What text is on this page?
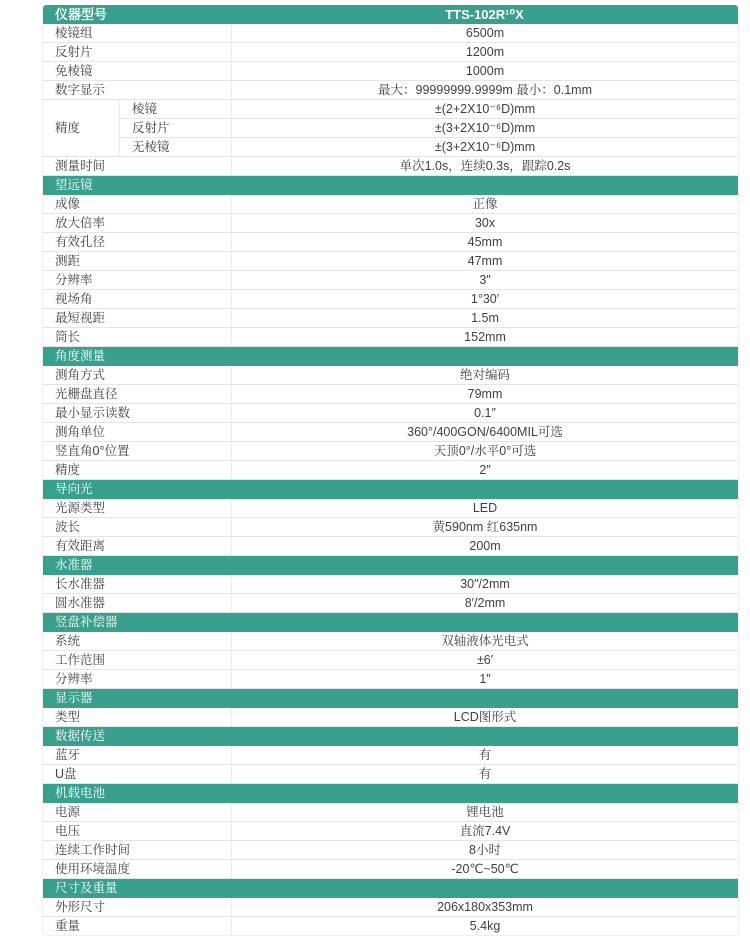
仪器型号		TTS-102R¹⁰X
棱镜组		6500m
反射片		1200m
免棱镜		1000m
数字显示		最大：99999999.9999m 最小：0.1mm
精度	棱镜	±(2+2X10⁻⁶D)mm
	反射片	±(3+2X10⁻⁶D)mm
	无棱镜	±(3+2X10⁻⁶D)mm
测量时间		单次1.0s，连续0.3s，跟踪0.2s
望远镜		
成像		正像
放大倍率		30x
有效孔径		45mm
测距		47mm
分辨率		3″
视场角		1°30′
最短视距		1.5m
筒长		152mm
角度测量		
测角方式		绝对编码
光栅盘直径		79mm
最小显示读数		0.1″
测角单位		360°/400GON/6400MIL可选
竖直角0°位置		天顶0°/水平0°可选
精度		2″
导向光		
光源类型		LED
波长		黄590nm 红635nm
有效距离		200m
水准器		
长水准器		30″/2mm
圆水准器		8′/2mm
竖盘补偿器		
系统		双轴液体光电式
工作范围		±6′
分辨率		1″
显示器		
类型		LCD图形式
数据传送		
蓝牙		有
U盘		有
机载电池		
电源		锂电池
电压		直流7.4V
连续工作时间		8小时
使用环境温度		-20℃~50℃
尺寸及重量		
外形尺寸		206x180x353mm
重量		5.4kg
